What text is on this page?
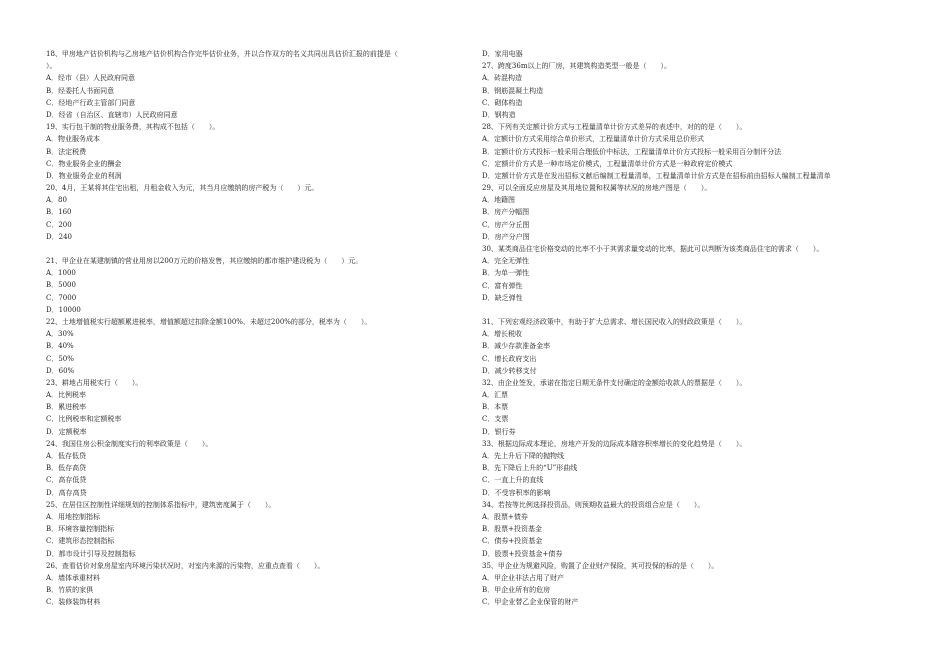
18、甲房地产估价机构与乙房地产估价机构合作完毕估价业务，并以合作双方的名义共同出具估价汇报的前提是（
）。
A．经市（县）人民政府同意
B．经委托人书面同意
C．经地产行政主管部门同意
D．经省（自治区、直辖市）人民政府同意
19、实行包干制的物业服务费，其构成不包括（　　）。
A．物业服务成本
B．法定税费
C．物业服务企业的酬金
D．物业服务企业的利润
20、4月，王某将其住宅出租，月租金收入为元，其当月应缴纳的房产税为（　　）元。
A．80
B．160
C．200
D．240
21、甲企业在某建制镇的营业用房以200万元的价格发售，其应缴纳的都市维护建设税为（　　）元。
A．1000
B．5000
C．7000
D．10000
22、土地增值税实行超额累进税率，增值额超过扣除金额100%、未超过200%的部分，税率为（　　）。
A．30%
B．40%
C．50%
D．60%
23、耕地占用税实行（　　）。
A．比例税率
B．累进税率
C．比例税率和定额税率
D．定额税率
24、我国住房公积金制度实行的利率政策是（　　）。
A．低存低贷
B．低存高贷
C．高存低贷
D．高存高贷
25、在居住区控制性详细规划的控制体系指标中，建筑密度属于（　　）。
A．用地控制指标
B．环境容量控制指标
C．建筑形态控制指标
D．都市设计引导及控制指标
26、查看估价对象房屋室内环境污染状况时，对室内来源的污染物，应重点查看（　　）。
A．墙体承重材料
B．竹质的家俱
C．装修装饰材料
D．家用电器
27、跨度36m以上的厂房，其建筑构造类型一般是（　　）。
A．砖混构造
B．钢筋混凝土构造
C．砌体构造
D．钢构造
28、下列有关定额计价方式与工程量清单计价方式差异的表述中，对的的是（　　）。
A．定额计价方式采用综合单价形式，工程量清单计价方式采用总价形式
B．定额计价方式投标一般采用合理低价中标法，工程量清单计价方式投标一般采用百分制评分法
C．定额计价方式是一种市场定价模式，工程量清单计价方式是一种政府定价模式
D．定额计价方式是在发出招标文献后编制工程量清单，工程量清单计价方式是在招标前由招标人编制工程量清单
29、可以全面反应房屋及其用地位置和权属等状况的房地产图是（　　）。
A．地籍图
B．房产分幅图
C．房产分丘图
D．房产分户图
30、某类商品住宅价格变动的比率不小于其需求量变动的比率，据此可以判断为该类商品住宅的需求（　　）。
A．完全无弹性
B．为单一弹性
C．富有弹性
D．缺乏弹性
31、下列宏观经济政策中，有助于扩大总需求、增长国民收入的财政政策是（　　）。
A．增长税收
B．减少存款准备金率
C．增长政府支出
D．减少转移支付
32、由企业签发，承诺在指定日期无条件支付确定的金额给收款人的票据是（　　）。
A．汇票
B．本票
C．支票
D．银行券
33、根据边际成本理论，房地产开发的边际成本随容积率增长的变化趋势是（　　）。
A．先上升后下降的抛物线
B．先下降后上升的“U”形曲线
C．一直上升的直线
D．不受容积率的影响
34、若按等比例选择投资品，则预期收益最大的投资组合应是（　　）。
A．股票+债券
B．股票+投资基金
C．债券+投资基金
D．股票+投资基金+债券
35、甲企业为规避风险，购置了企业财产保险，其可投保的标的是（　　）。
A．甲企业非法占用了财产
B．甲企业所有的危房
C．甲企业替乙企业保管的财产
